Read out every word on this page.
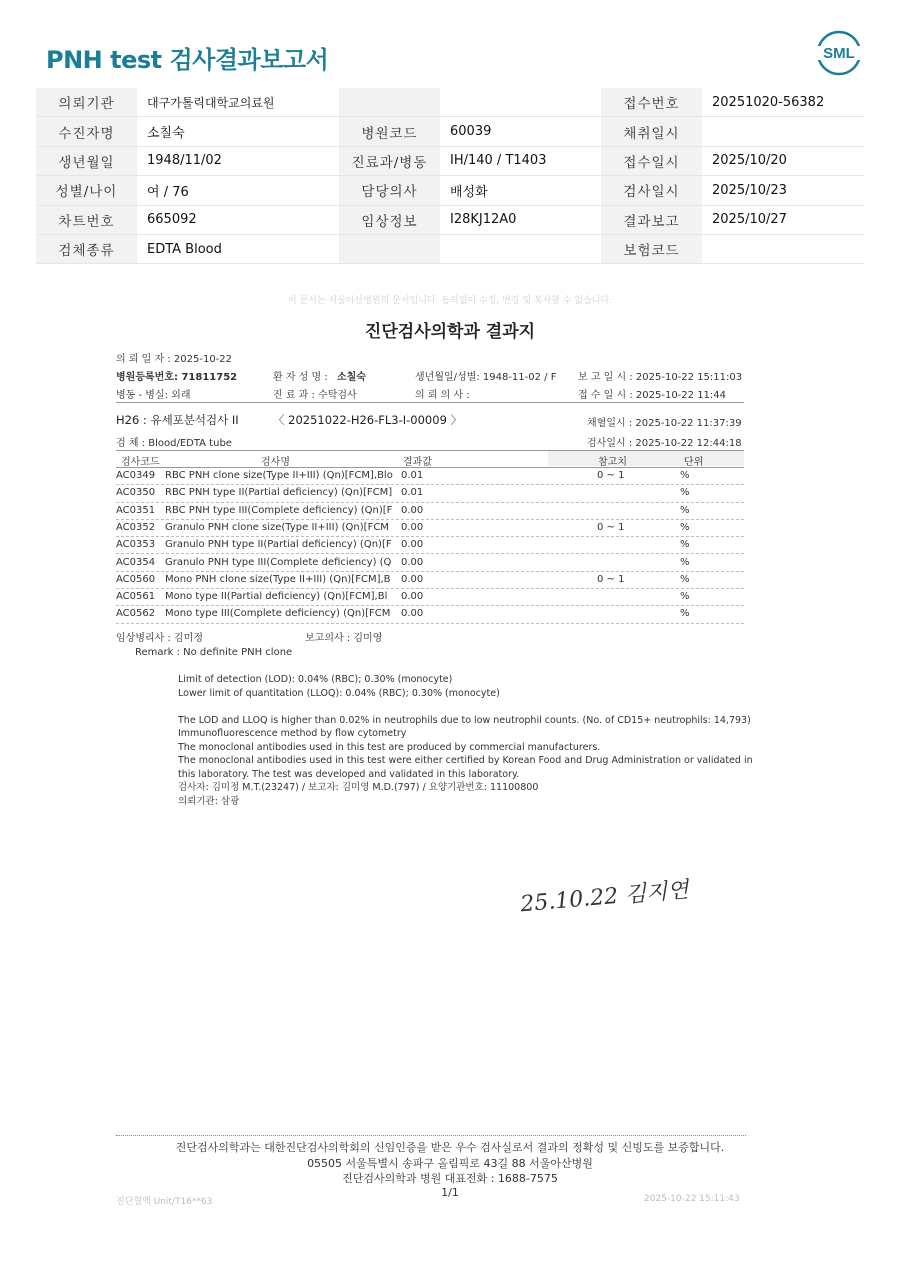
PNH test 검사결과보고서	SML
의뢰기관	대구가톨릭대학교의료원			접수번호	20251020-56382
수진자명	소칠숙	병원코드	60039	채취일시	
생년월일	1948/11/02	진료과/병동	IH/140 / T1403	접수일시	2025/10/20
성별/나이	여 / 76	담당의사	배성화	검사일시	2025/10/23
차트번호	665092	임상정보	I28KJ12A0	결과보고	2025/10/27
검체종류	EDTA Blood			보험코드	
이 문서는 서울아산병원의 문서입니다. 동의없이 수정, 변경 및 복사할 수 없습니다.
진단검사의학과 결과지
의 뢰 일 자 : 2025-10-22
병원등록번호: 71811752	환 자 성 명 : 소칠숙	생년월일/성별: 1948-11-02 / F 보 고 일 시 : 2025-10-22 15:11:03
병동 - 병실: 외래	진 료 과 : 수탁검사	의 뢰 의 사 :	접 수 일 시 : 2025-10-22 11:44
H26 : 유세포분석검사 II	〈 20251022-H26-FL3-I-00009 〉	채혈일시 : 2025-10-22 11:37:39
검 체 : Blood/EDTA tube	검사일시 : 2025-10-22 12:44:18
검사코드	검사명	결과값	참고치	단위
AC0349 RBC PNH clone size(Type II+III) (Qn)[FCM],Blo 0.01	0 ~ 1	%
AC0350 RBC PNH type II(Partial deficiency) (Qn)[FCM] 0.01	%
AC0351 RBC PNH type III(Complete deficiency) (Qn)[F 0.00	%
AC0352 Granulo PNH clone size(Type II+III) (Qn)[FCM 0.00	0 ~ 1	%
AC0353 Granulo PNH type II(Partial deficiency) (Qn)[F 0.00	%
AC0354 Granulo PNH type III(Complete deficiency) (Q 0.00	%
AC0560 Mono PNH clone size(Type II+III) (Qn)[FCM],B 0.00	0 ~ 1	%
AC0561 Mono type II(Partial deficiency) (Qn)[FCM],Bl 0.00	%
AC0562 Mono type III(Complete deficiency) (Qn)[FCM 0.00	%
임상병리사 : 김미정	보고의사 : 김미영
Remark : No definite PNH clone
Limit of detection (LOD): 0.04% (RBC); 0.30% (monocyte)
Lower limit of quantitation (LLOQ): 0.04% (RBC); 0.30% (monocyte)
The LOD and LLOQ is higher than 0.02% in neutrophils due to low neutrophil counts. (No. of CD15+ neutrophils: 14,793)
Immunofluorescence method by flow cytometry
The monoclonal antibodies used in this test are produced by commercial manufacturers.
The monoclonal antibodies used in this test were either certified by Korean Food and Drug Administration or validated in
this laboratory. The test was developed and validated in this laboratory.
검사자: 김미정 M.T.(23247) / 보고자: 김미영 M.D.(797) / 요양기관번호: 11100800
의뢰기관: 삼광
25.10.22 김지연
진단검사의학과는 대한진단검사의학회의 신임인증을 받은 우수 검사실로서 결과의 정확성 및 신빙도를 보증합니다.
05505 서울특별시 송파구 올림픽로 43길 88 서울아산병원
진단검사의학과 병원 대표전화 : 1688-7575
1/1
진단혈액 Unit/T16**63	2025-10-22 15:11:43
